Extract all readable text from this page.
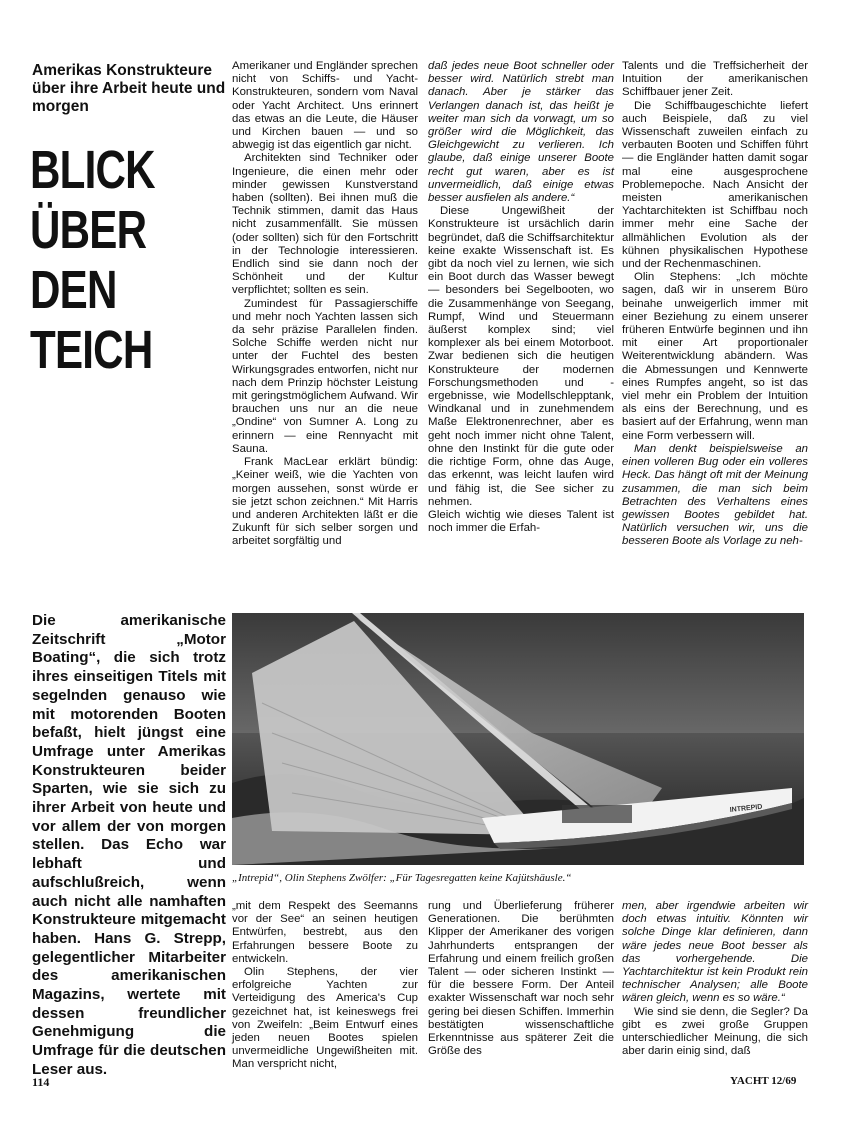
Amerikas Konstrukteure über ihre Arbeit heute und morgen
BLICK
ÜBER
DEN
TEICH

Amerikaner und Engländer sprechen nicht von Schiffs- und Yacht-Konstrukteuren, sondern vom Naval oder Yacht Architect. Uns erinnert das etwas an die Leute, die Häuser und Kirchen bauen — und so abwegig ist das eigentlich gar nicht.

Architekten sind Techniker oder Ingenieure, die einen mehr oder minder gewissen Kunstverstand haben (sollten). Bei ihnen muß die Technik stimmen, damit das Haus nicht zusammenfällt. Sie müssen (oder sollten) sich für den Fortschritt in der Technologie interessieren. Endlich sind sie dann noch der Schönheit und der Kultur verpflichtet; sollten es sein.

Zumindest für Passagierschiffe und mehr noch Yachten lassen sich da sehr präzise Parallelen finden. Solche Schiffe werden nicht nur unter der Fuchtel des besten Wirkungsgrades entworfen, nicht nur nach dem Prinzip höchster Leistung mit geringstmöglichem Aufwand. Wir brauchen uns nur an die neue „Ondine“ von Sumner A. Long zu erinnern — eine Rennyacht mit Sauna.

Frank MacLear erklärt bündig: „Keiner weiß, wie die Yachten von morgen aussehen, sonst würde er sie jetzt schon zeichnen.“ Mit Harris und anderen Architekten läßt er die Zukunft für sich selber sorgen und arbeitet sorgfältig und

daß jedes neue Boot schneller oder besser wird. Natürlich strebt man danach. Aber je stärker das Verlangen danach ist, das heißt je weiter man sich da vorwagt, um so größer wird die Möglichkeit, das Gleichgewicht zu verlieren. Ich glaube, daß einige unserer Boote recht gut waren, aber es ist unvermeidlich, daß einige etwas besser ausfielen als andere.“

Diese Ungewißheit der Konstrukteure ist ursächlich darin begründet, daß die Schiffsarchitektur keine exakte Wissenschaft ist. Es gibt da noch viel zu lernen, wie sich ein Boot durch das Wasser bewegt — besonders bei Segelbooten, wo die Zusammenhänge von Seegang, Rumpf, Wind und Steuermann äußerst komplex sind; viel komplexer als bei einem Motorboot. Zwar bedienen sich die heutigen Konstrukteure der modernen Forschungsmethoden und -ergebnisse, wie Modellschlepptank, Windkanal und in zunehmendem Maße Elektronenrechner, aber es geht noch immer nicht ohne Talent, ohne den Instinkt für die gute oder die richtige Form, ohne das Auge, das erkennt, was leicht laufen wird und fähig ist, die See sicher zu nehmen.

Gleich wichtig wie dieses Talent ist noch immer die Erfah-

Talents und die Treffsicherheit der Intuition der amerikanischen Schiffbauer jener Zeit.

Die Schiffbaugeschichte liefert auch Beispiele, daß zu viel Wissenschaft zuweilen einfach zu verbauten Booten und Schiffen führt — die Engländer hatten damit sogar mal eine ausgesprochene Problemepoche. Nach Ansicht der meisten amerikanischen Yachtarchitekten ist Schiffbau noch immer mehr eine Sache der allmählichen Evolution als der kühnen physikalischen Hypothese und der Rechenmaschinen.

Olin Stephens: „Ich möchte sagen, daß wir in unserem Büro beinahe unweigerlich immer mit einer Beziehung zu einem unserer früheren Entwürfe beginnen und ihn mit einer Art proportionaler Weiterentwicklung abändern. Was die Abmessungen und Kennwerte eines Rumpfes angeht, so ist das viel mehr ein Problem der Intuition als eins der Berechnung, und es basiert auf der Erfahrung, wenn man eine Form verbessern will.

Man denkt beispielsweise an einen volleren Bug oder ein volleres Heck. Das hängt oft mit der Meinung zusammen, die man sich beim Betrachten des Verhaltens eines gewissen Bootes gebildet hat. Natürlich versuchen wir, uns die besseren Boote als Vorlage zu neh-

Die amerikanische Zeitschrift „Motor Boating“, die sich trotz ihres einseitigen Titels mit segelnden genauso wie mit motorenden Booten befaßt, hielt jüngst eine Umfrage unter Amerikas Konstrukteuren beider Sparten, wie sie sich zu ihrer Arbeit von heute und vor allem der von morgen stellen. Das Echo war lebhaft und aufschlußreich, wenn auch nicht alle namhaften Konstrukteure mitgemacht haben. Hans G. Strepp, gelegentlicher Mitarbeiter des amerikanischen Magazins, wertete mit dessen freundlicher Genehmigung die Umfrage für die deutschen Leser aus.
INTREPID
„Intrepid“, Olin Stephens Zwölfer: „Für Tagesregatten keine Kajütshäusle.“

„mit dem Respekt des Seemanns vor der See“ an seinen heutigen Entwürfen, bestrebt, aus den Erfahrungen bessere Boote zu entwickeln.

Olin Stephens, der vier erfolgreiche Yachten zur Verteidigung des America's Cup gezeichnet hat, ist keineswegs frei von Zweifeln: „Beim Entwurf eines jeden neuen Bootes spielen unvermeidliche Ungewißheiten mit. Man verspricht nicht,

rung und Überlieferung früherer Generationen. Die berühmten Klipper der Amerikaner des vorigen Jahrhunderts entsprangen der Erfahrung und einem freilich großen Talent — oder sicheren Instinkt — für die bessere Form. Der Anteil exakter Wissenschaft war noch sehr gering bei diesen Schiffen. Immerhin bestätigten wissenschaftliche Erkenntnisse aus späterer Zeit die Größe des

men, aber irgendwie arbeiten wir doch etwas intuitiv. Könnten wir solche Dinge klar definieren, dann wäre jedes neue Boot besser als das vorhergehende. Die Yachtarchitektur ist kein Produkt rein technischer Analysen; alle Boote wären gleich, wenn es so wäre.“

Wie sind sie denn, die Segler? Da gibt es zwei große Gruppen unterschiedlicher Meinung, die sich aber darin einig sind, daß

114	YACHT 12/69
